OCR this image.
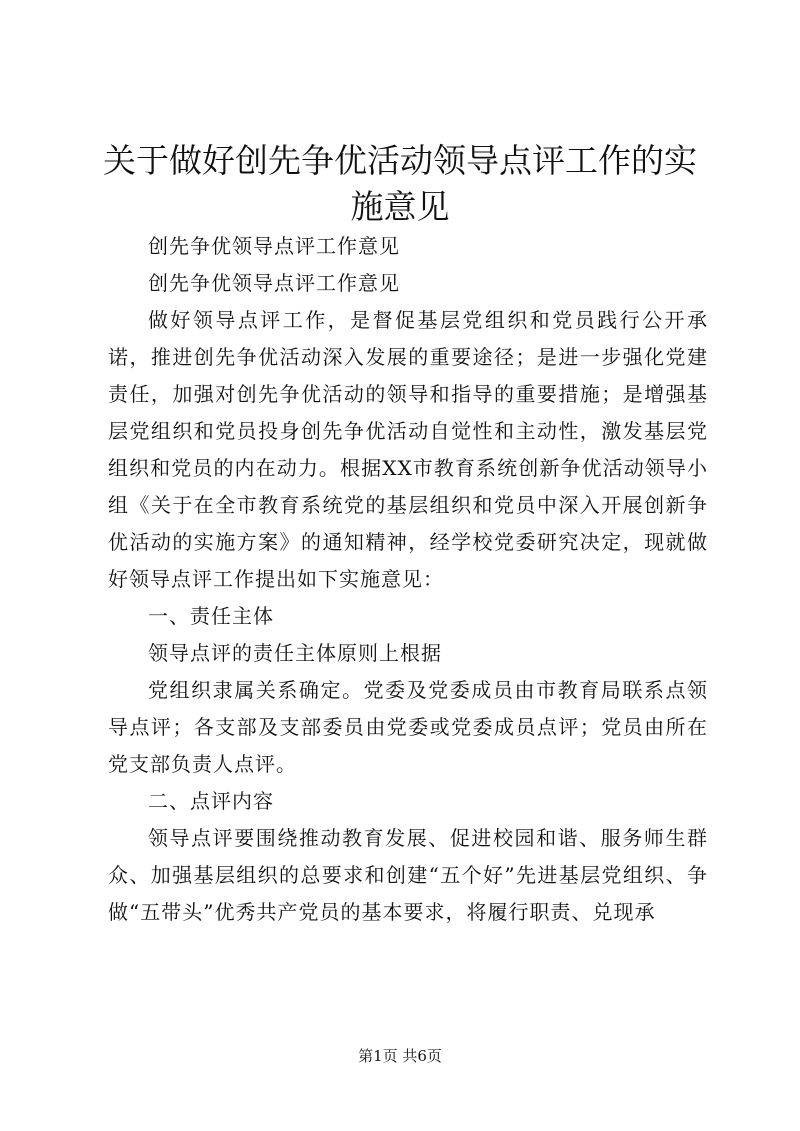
关于做好创先争优活动领导点评工作的实施意见

创先争优领导点评工作意见

创先争优领导点评工作意见

做好领导点评工作，是督促基层党组织和党员践行公开承诺，推进创先争优活动深入发展的重要途径；是进一步强化党建责任，加强对创先争优活动的领导和指导的重要措施；是增强基层党组织和党员投身创先争优活动自觉性和主动性，激发基层党组织和党员的内在动力。根据XX市教育系统创新争优活动领导小组《关于在全市教育系统党的基层组织和党员中深入开展创新争优活动的实施方案》的通知精神，经学校党委研究决定，现就做好领导点评工作提出如下实施意见：

一、责任主体

领导点评的责任主体原则上根据

党组织隶属关系确定。党委及党委成员由市教育局联系点领导点评；各支部及支部委员由党委或党委成员点评；党员由所在党支部负责人点评。

二、点评内容

领导点评要围绕推动教育发展、促进校园和谐、服务师生群众、加强基层组织的总要求和创建“五个好”先进基层党组织、争做“五带头”优秀共产党员的基本要求，将履行职责、兑现承

第1页 共6页
